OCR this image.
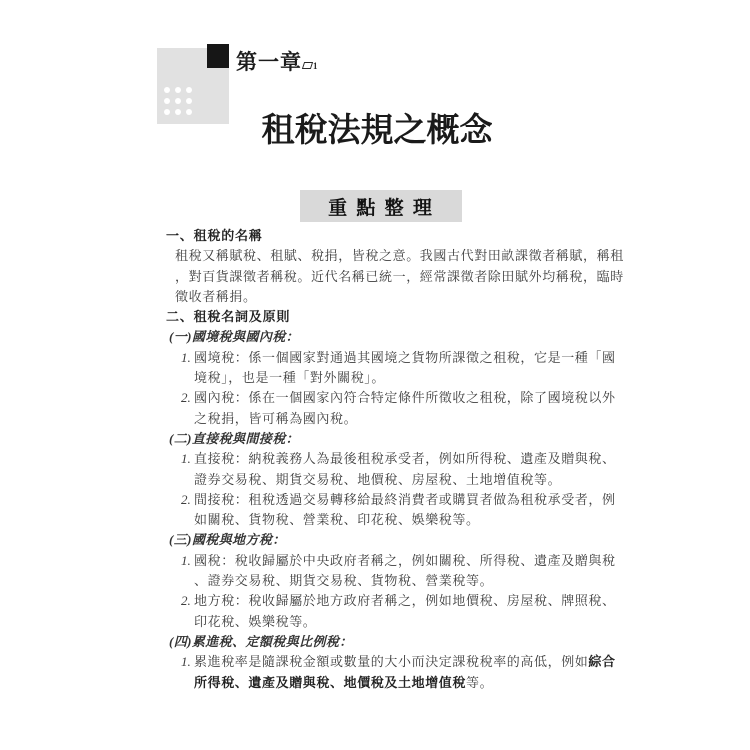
第一章 1
租稅法規之概念
重 點 整 理
一、租稅的名稱
租稅又稱賦稅、租賦、稅捐，皆稅之意。我國古代對田畝課徵者稱賦，稱租
，對百貨課徵者稱稅。近代名稱已統一，經常課徵者除田賦外均稱稅，臨時
徵收者稱捐。
二、租稅名詞及原則
(一)國境稅與國內稅：
1. 國境稅：係一個國家對通過其國境之貨物所課徵之租稅，它是一種「國
境稅」，也是一種「對外關稅」。
2. 國內稅：係在一個國家內符合特定條件所徵收之租稅，除了國境稅以外
之稅捐，皆可稱為國內稅。
(二)直接稅與間接稅：
1. 直接稅：納稅義務人為最後租稅承受者，例如所得稅、遺產及贈與稅、
證券交易稅、期貨交易稅、地價稅、房屋稅、土地增值稅等。
2. 間接稅：租稅透過交易轉移給最終消費者或購買者做為租稅承受者，例
如關稅、貨物稅、營業稅、印花稅、娛樂稅等。
(三)國稅與地方稅：
1. 國稅：稅收歸屬於中央政府者稱之，例如關稅、所得稅、遺產及贈與稅
、證券交易稅、期貨交易稅、貨物稅、營業稅等。
2. 地方稅：稅收歸屬於地方政府者稱之，例如地價稅、房屋稅、牌照稅、
印花稅、娛樂稅等。
(四)累進稅、定額稅與比例稅：
1. 累進稅率是隨課稅金額或數量的大小而決定課稅稅率的高低，例如綜合
所得稅、遺產及贈與稅、地價稅及土地增值稅等。
